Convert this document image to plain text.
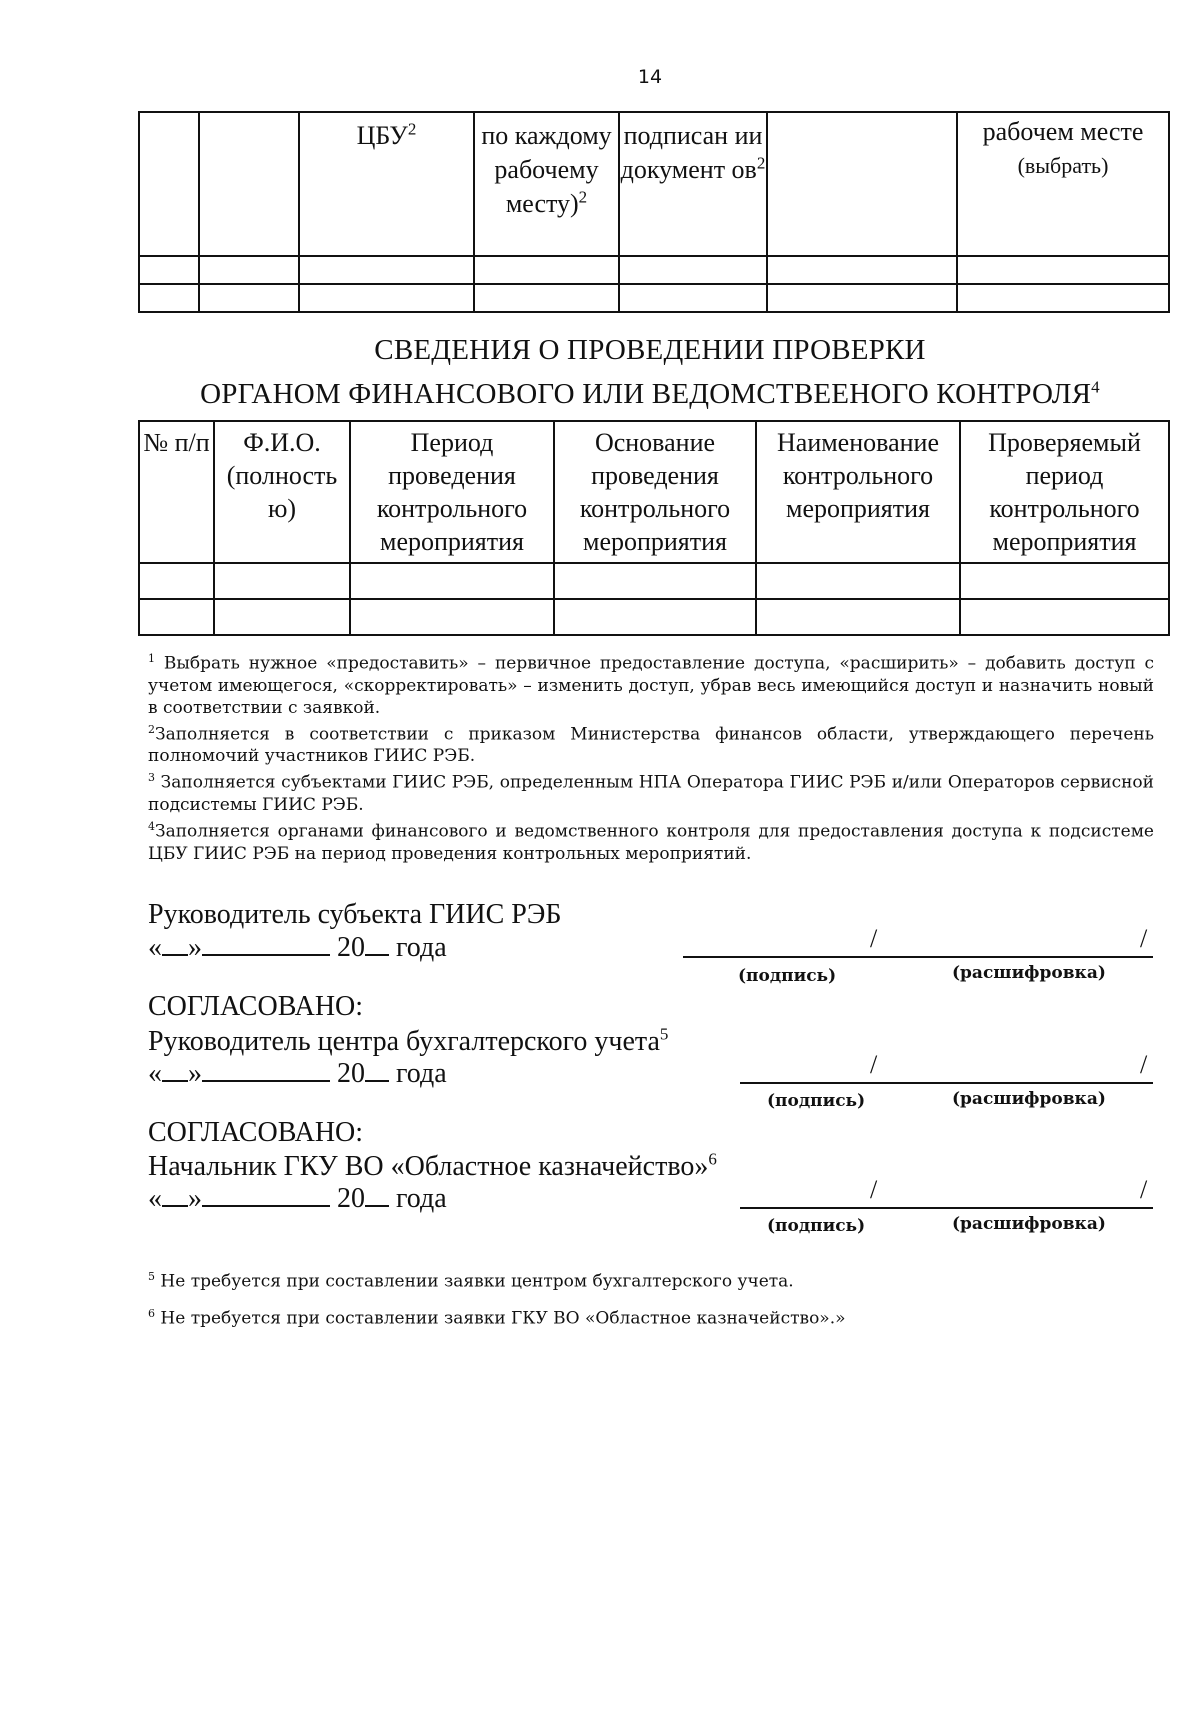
14
		ЦБУ$^2$	по каждому рабочему месту)$^2$	подписан ии документ $ов^2$		рабочем месте
(выбрать)

СВЕДЕНИЯ О ПРОВЕДЕНИИ ПРОВЕРКИ
ОРГАНОМ ФИНАНСОВОГО ИЛИ ВЕДОМСТВЕЕНОГО КОНТРОЛЯ$^4$
№ п/п	Ф.И.О. (полность ю)	Период проведения контрольного мероприятия	Основание проведения контрольного мероприятия	Наименование контрольного мероприятия	Проверяемый период контрольного мероприятия

$^1$ Выбрать нужное «предоставить» – первичное предоставление доступа, «расширить» – добавить доступ с учетом имеющегося, «скорректировать» – изменить доступ, убрав весь имеющийся доступ и назначить новый в соответствии с заявкой.

$^2$Заполняется в соответствии с приказом Министерства финансов области, утверждающего перечень полномочий участников ГИИС РЭБ.

$^3$ Заполняется субъектами ГИИС РЭБ, определенным НПА Оператора ГИИС РЭБ и/или Операторов сервисной подсистемы ГИИС РЭБ.

$^4$Заполняется органами финансового и ведомственного контроля для предоставления доступа к подсистеме ЦБУ ГИИС РЭБ на период проведения контрольных мероприятий.

Руководитель субъекта ГИИС РЭБ
« »	20 года	/	/
(подпись)	(расшифровка)
СОГЛАСОВАНО:
Руководитель центра бухгалтерского учета$^5$
« »	20 года	/	/
(подпись)	(расшифровка)
СОГЛАСОВАНО:
Начальник ГКУ ВО «Областное казначейство»$^6$
« »	20 года	/	/
(подпись)	(расшифровка)

$^5$ Не требуется при составлении заявки центром бухгалтерского учета.

$^6$ Не требуется при составлении заявки ГКУ ВО «Областное казначейство».»
